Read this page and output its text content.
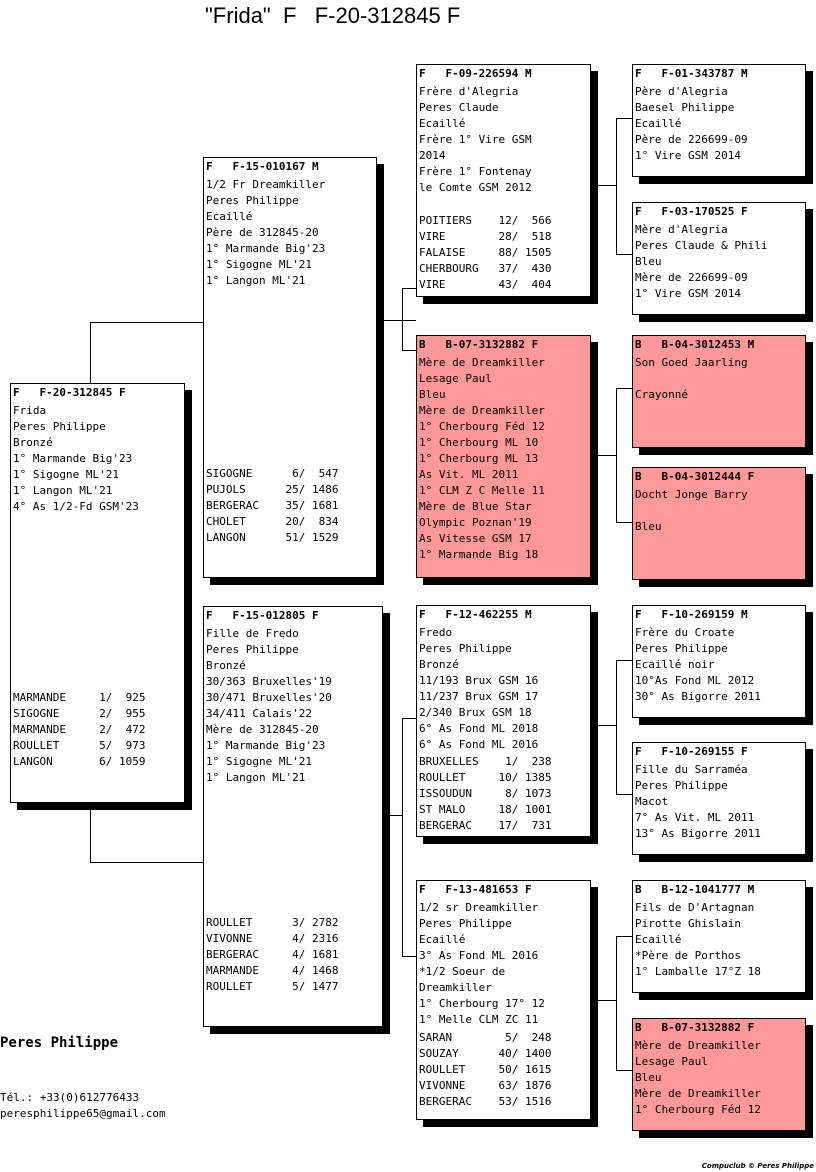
"Frida"  F   F-20-312845 F
F   F-20-312845 F
Frida
Peres Philippe
Bronzé
1° Marmande Big'23
1° Sigogne ML'21
1° Langon ML'21
4° As 1/2-Fd GSM'23
MARMANDE     1/  925
SIGOGNE      2/  955
MARMANDE     2/  472
ROULLET      5/  973
LANGON       6/ 1059
F   F-15-010167 M
1/2 Fr Dreamkiller
Peres Philippe
Ecaillé
Père de 312845-20
1° Marmande Big'23
1° Sigogne ML'21
1° Langon ML'21
SIGOGNE      6/  547
PUJOLS      25/ 1486
BERGERAC    35/ 1681
CHOLET      20/  834
LANGON      51/ 1529
F   F-15-012805 F
Fille de Fredo
Peres Philippe
Bronzé
30/363 Bruxelles'19
30/471 Bruxelles'20
34/411 Calais'22
Mère de 312845-20
1° Marmande Big'23
1° Sigogne ML'21
1° Langon ML'21
ROULLET      3/ 2782
VIVONNE      4/ 2316
BERGERAC     4/ 1681
MARMANDE     4/ 1468
ROULLET      5/ 1477
F   F-09-226594 M
Frère d'Alegria
Peres Claude
Ecaillé
Frère 1° Vire GSM
2014
Frère 1° Fontenay
le Comte GSM 2012
POITIERS    12/  566
VIRE        28/  518
FALAISE     88/ 1505
CHERBOURG   37/  430
VIRE        43/  404
B   B-07-3132882 F
Mère de Dreamkiller
Lesage Paul
Bleu
Mère de Dreamkiller
1° Cherbourg Féd 12
1° Cherbourg ML 10
1° Cherbourg ML 13
As Vit. ML 2011
1° CLM Z C Melle 11
Mère de Blue Star
Olympic Poznan'19
As Vitesse GSM 17
1° Marmande Big 18
F   F-12-462255 M
Fredo
Peres Philippe
Bronzé
11/193 Brux GSM 16
11/237 Brux GSM 17
2/340 Brux GSM 18
6° As Fond ML 2018
6° As Fond ML 2016
BRUXELLES    1/  238
ROULLET     10/ 1385
ISSOUDUN     8/ 1073
ST MALO     18/ 1001
BERGERAC    17/  731
F   F-13-481653 F
1/2 sr Dreamkiller
Peres Philippe
Ecaillé
3° As Fond ML 2016
*1/2 Soeur de
Dreamkiller
1° Cherbourg 17° 12
1° Melle CLM ZC 11
SARAN        5/  248
SOUZAY      40/ 1400
ROULLET     50/ 1615
VIVONNE     63/ 1876
BERGERAC    53/ 1516
F   F-01-343787 M
Père d'Alegria
Baesel Philippe
Ecaillé
Père de 226699-09
1° Vire GSM 2014
F   F-03-170525 F
Mère d'Alegria
Peres Claude & Phili
Bleu
Mère de 226699-09
1° Vire GSM 2014
B   B-04-3012453 M
Son Goed Jaarling
Crayonné
B   B-04-3012444 F
Docht Jonge Barry
Bleu
F   F-10-269159 M
Frère du Croate
Peres Philippe
Ecaillé noir
10°As Fond ML 2012
30° As Bigorre 2011
F   F-10-269155 F
Fille du Sarraméa
Peres Philippe
Macot
7° As Vit. ML 2011
13° As Bigorre 2011
B   B-12-1041777 M
Fils de D'Artagnan
Pirotte Ghislain
Ecaillé
*Père de Porthos
1° Lamballe 17°Z 18
B   B-07-3132882 F
Mère de Dreamkiller
Lesage Paul
Bleu
Mère de Dreamkiller
1° Cherbourg Féd 12
Peres Philippe
Tél.: +33(0)612776433
peresphilippe65@gmail.com
Compuclub © Peres Philippe
